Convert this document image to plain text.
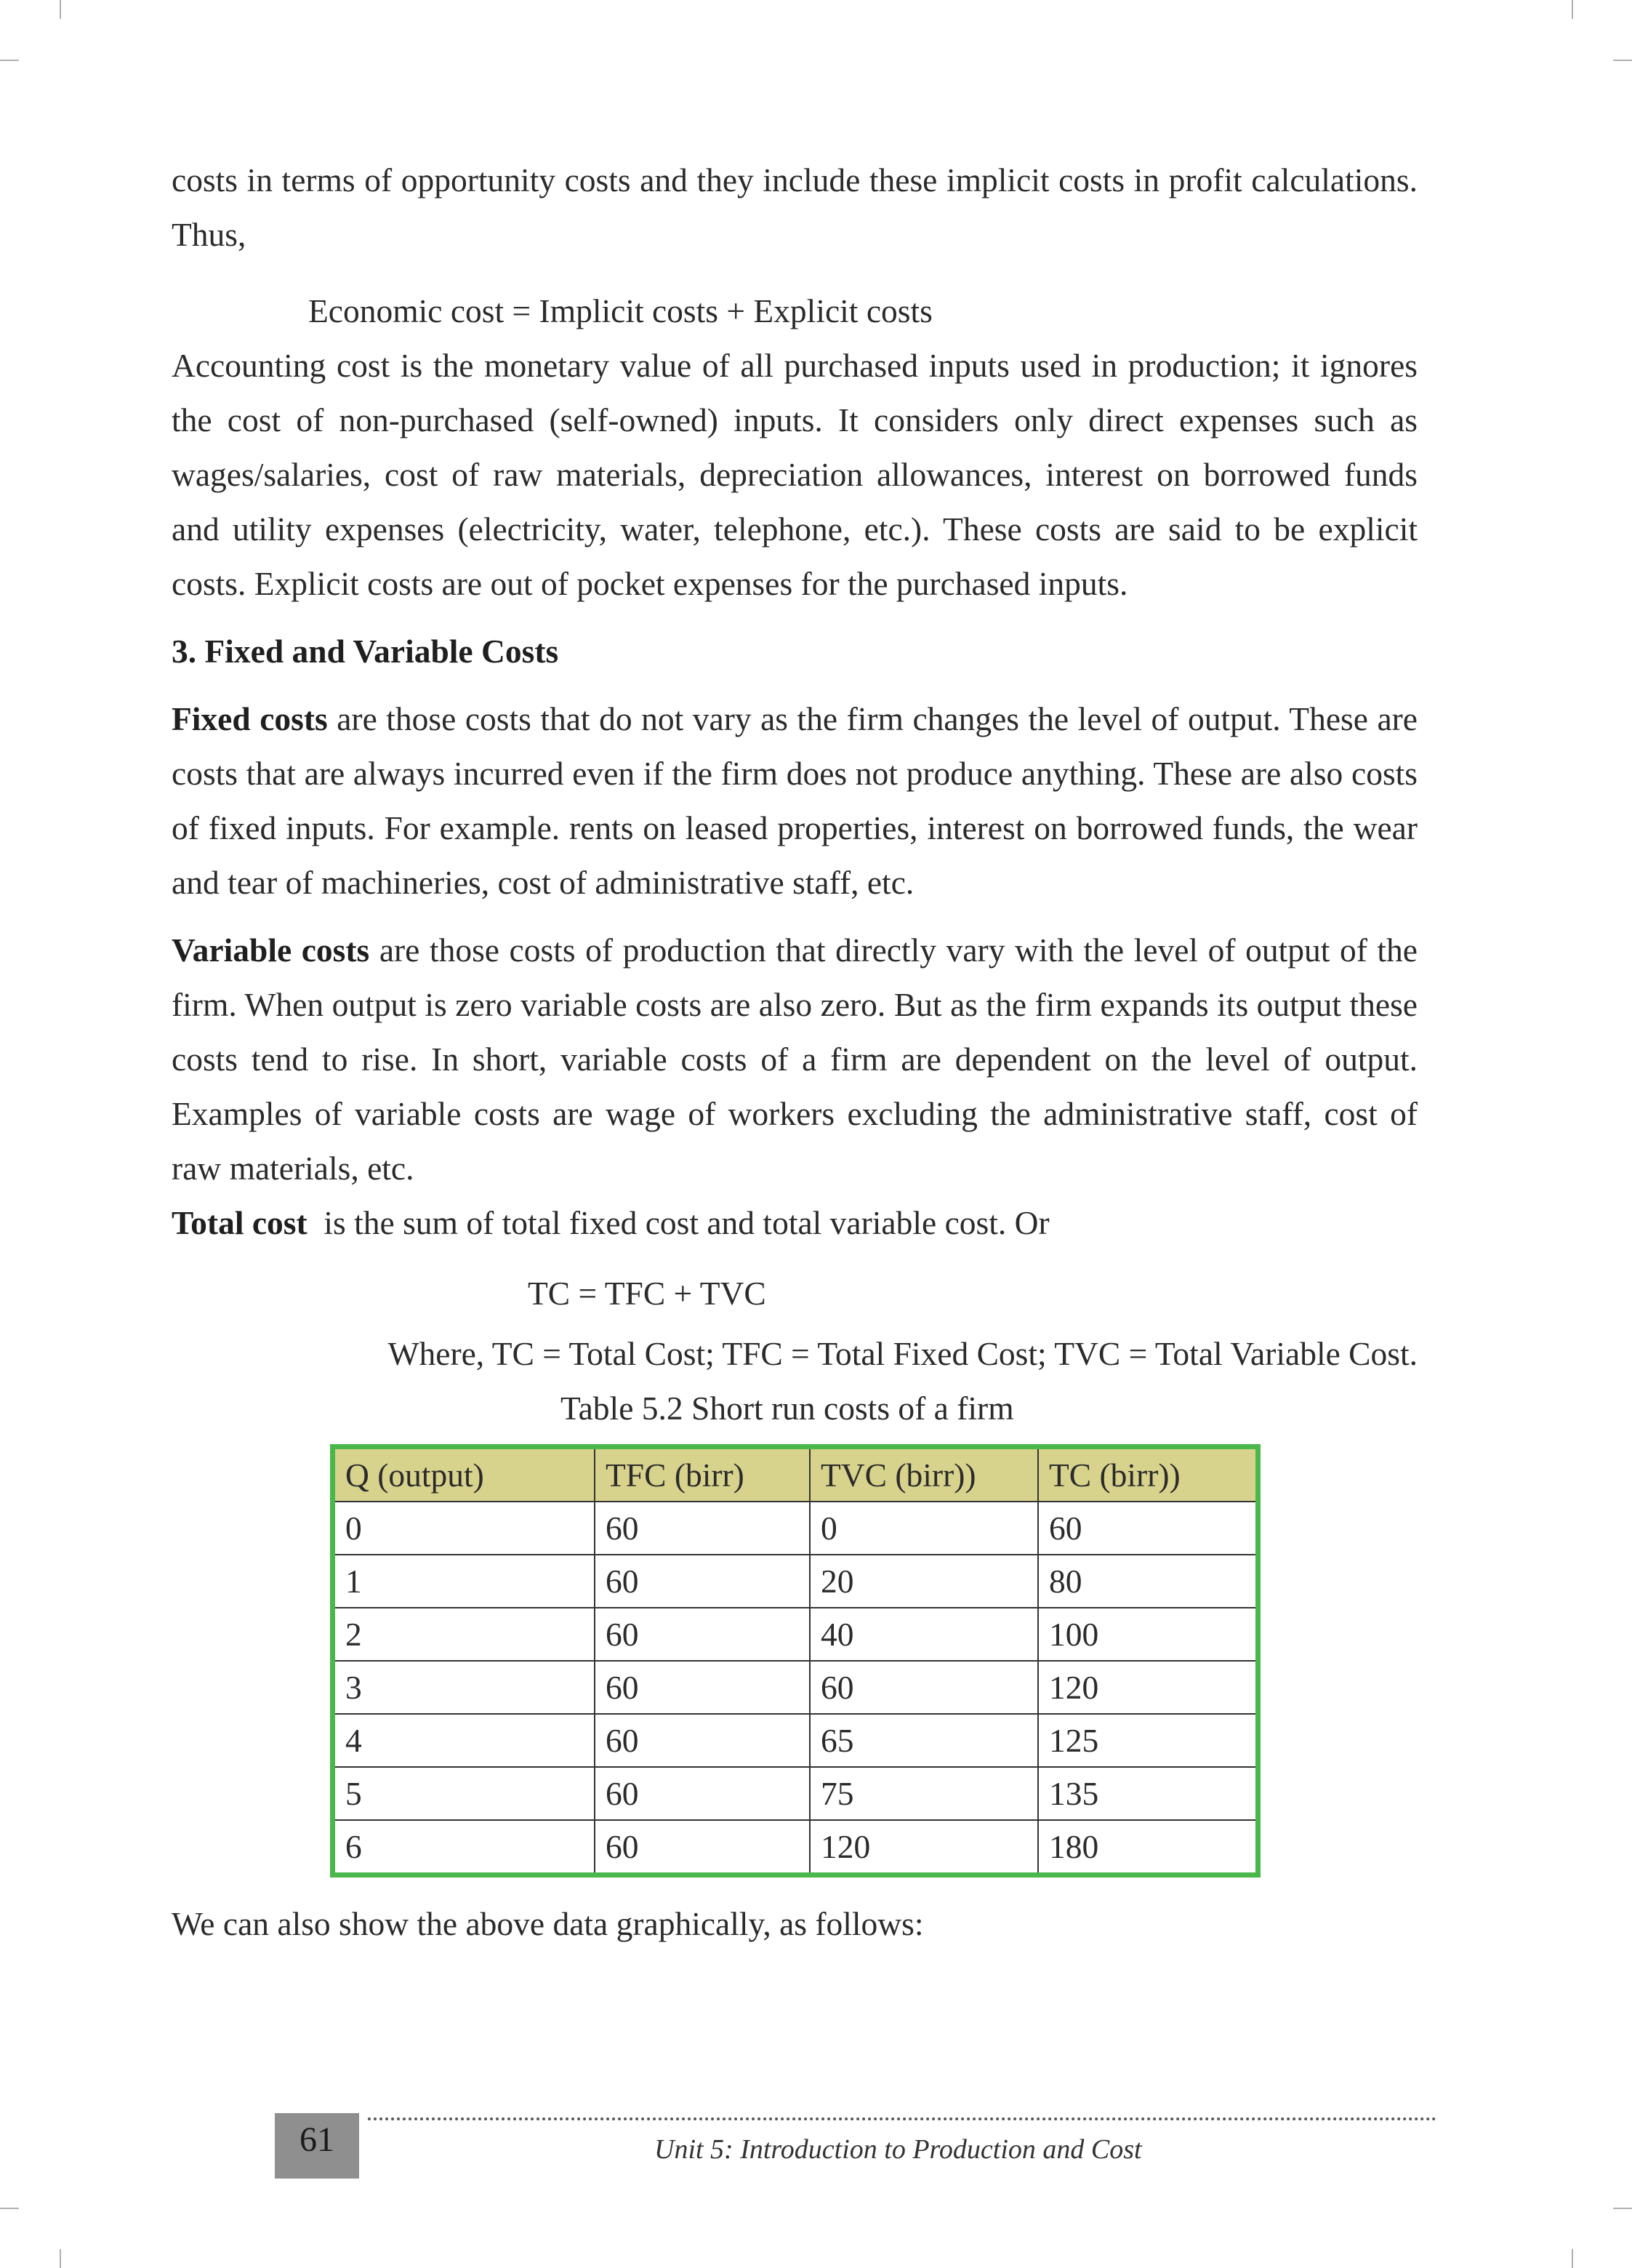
costs in terms of opportunity costs and they include these implicit costs in profit calculations. Thus,

Economic cost = Implicit costs + Explicit costs

Accounting cost is the monetary value of all purchased inputs used in production; it ignores the cost of non-purchased (self-owned) inputs. It considers only direct expenses such as wages/salaries, cost of raw materials, depreciation allowances, interest on borrowed funds and utility expenses (electricity, water, telephone, etc.). These costs are said to be explicit costs. Explicit costs are out of pocket expenses for the purchased inputs.

3. Fixed and Variable Costs

Fixed costs are those costs that do not vary as the firm changes the level of output. These are costs that are always incurred even if the firm does not produce anything. These are also costs of fixed inputs. For example. rents on leased properties, interest on borrowed funds, the wear and tear of machineries, cost of administrative staff, etc.

Variable costs are those costs of production that directly vary with the level of output of the firm. When output is zero variable costs are also zero. But as the firm expands its output these costs tend to rise. In short, variable costs of a firm are dependent on the level of output. Examples of variable costs are wage of workers excluding the administrative staff, cost of raw materials, etc.

Total cost  is the sum of total fixed cost and total variable cost. Or

TC = TFC + TVC
Where, TC = Total Cost; TFC = Total Fixed Cost; TVC = Total Variable Cost.
Table 5.2 Short run costs of a firm
Q (output)	TFC (birr)	TVC (birr))	TC (birr))
0	60	0	60
1	60	20	80
2	60	40	100
3	60	60	120
4	60	65	125
5	60	75	135
6	60	120	180

We can also show the above data graphically, as follows:

61	Unit 5: Introduction to Production and Cost
